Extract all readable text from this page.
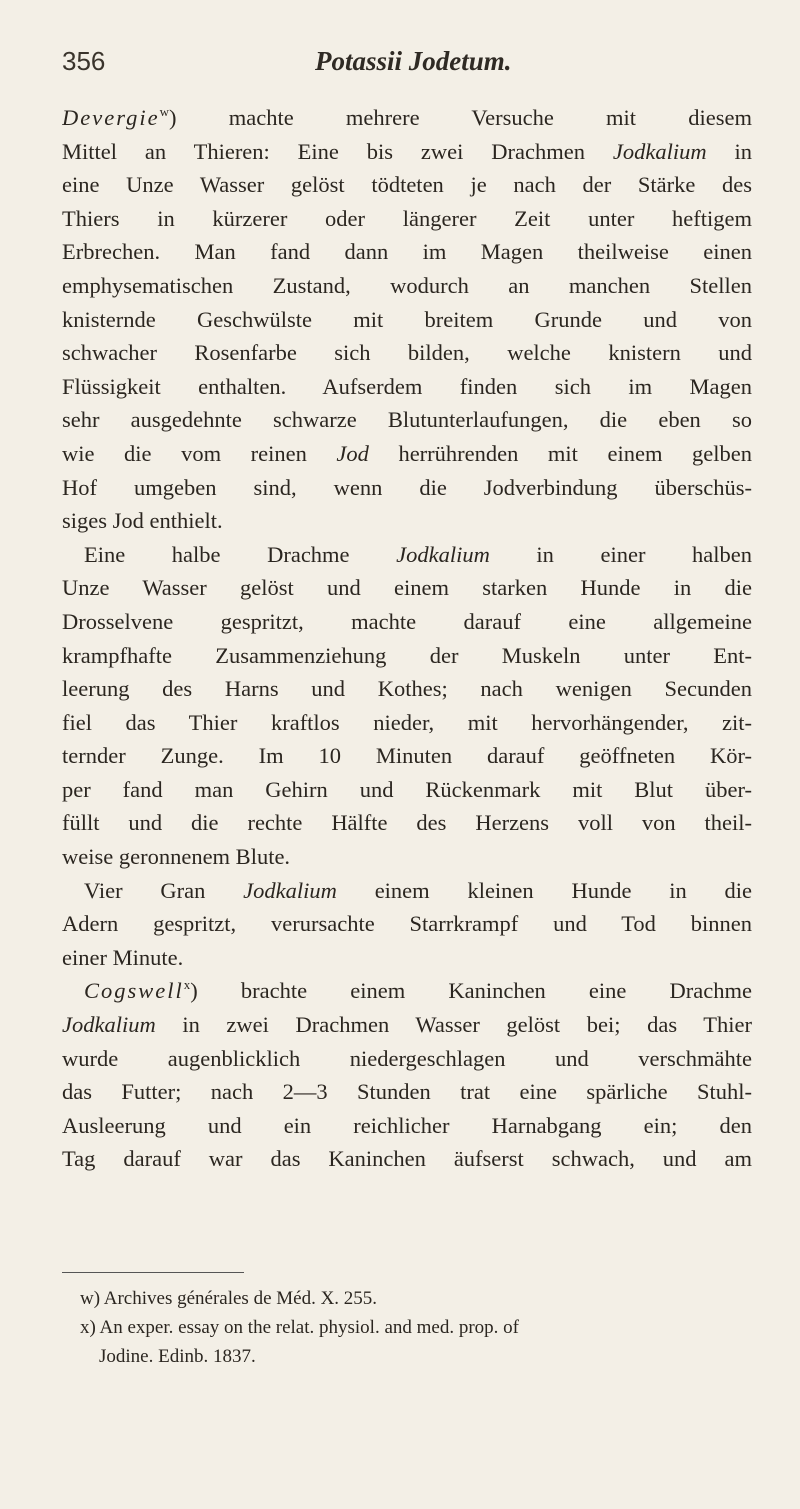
356	Potassii Jodetum.
Devergie$^w$) machte mehrere Versuche mit diesem
Mittel an Thieren: Eine bis zwei Drachmen Jodkalium in
eine Unze Wasser gelöst tödteten je nach der Stärke des
Thiers in kürzerer oder längerer Zeit unter heftigem
Erbrechen. Man fand dann im Magen theilweise einen
emphysematischen Zustand, wodurch an manchen Stellen
knisternde Geschwülste mit breitem Grunde und von
schwacher Rosenfarbe sich bilden, welche knistern und
Flüssigkeit enthalten. Aufserdem finden sich im Magen
sehr ausgedehnte schwarze Blutunterlaufungen, die eben so
wie die vom reinen Jod herrührenden mit einem gelben
Hof umgeben sind, wenn die Jodverbindung überschüs-
siges Jod enthielt.
Eine halbe Drachme Jodkalium in einer halben
Unze Wasser gelöst und einem starken Hunde in die
Drosselvene gespritzt, machte darauf eine allgemeine
krampfhafte Zusammenziehung der Muskeln unter Ent-
leerung des Harns und Kothes; nach wenigen Secunden
fiel das Thier kraftlos nieder, mit hervorhängender, zit-
ternder Zunge. Im 10 Minuten darauf geöffneten Kör-
per fand man Gehirn und Rückenmark mit Blut über-
füllt und die rechte Hälfte des Herzens voll von theil-
weise geronnenem Blute.
Vier Gran Jodkalium einem kleinen Hunde in die
Adern gespritzt, verursachte Starrkrampf und Tod binnen
einer Minute.
Cogswell$^x$) brachte einem Kaninchen eine Drachme
Jodkalium in zwei Drachmen Wasser gelöst bei; das Thier
wurde augenblicklich niedergeschlagen und verschmähte
das Futter; nach 2—3 Stunden trat eine spärliche Stuhl-
Ausleerung und ein reichlicher Harnabgang ein; den
Tag darauf war das Kaninchen äufserst schwach, und am
w) Archives générales de Méd. X. 255.
x) An exper. essay on the relat. physiol. and med. prop. of
Jodine. Edinb. 1837.
